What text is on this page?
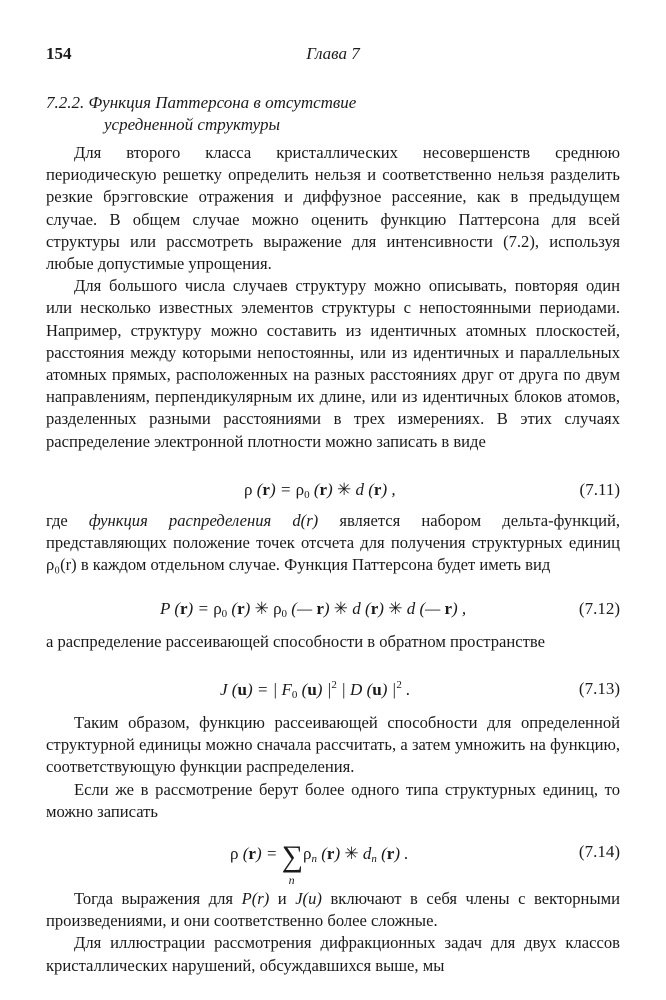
154	Глава 7
7.2.2. Функция Паттерсона в отсутствие
усредненной структуры

Для второго класса кристаллических несовершенств среднюю периодическую решетку определить нельзя и соответственно нельзя разделить резкие брэгговские отражения и диффузное рассеяние, как в предыдущем случае. В общем случае можно оценить функцию Паттерсона для всей структуры или рассмотреть выражение для интенсивности (7.2), используя любые допустимые упрощения.

Для большого числа случаев структуру можно описывать, повторяя один или несколько известных элементов структуры с непостоянными периодами. Например, структуру можно составить из идентичных атомных плоскостей, расстояния между которыми непостоянны, или из идентичных и параллельных атомных прямых, расположенных на разных расстояниях друг от друга по двум направлениям, перпендикулярным их длине, или из идентичных блоков атомов, разделенных разными расстояниями в трех измерениях. В этих случаях распределение электронной плотности можно записать в виде

ρ $(r) = \rho_0$ (r) ✳ d (r) ,	(7.11)

где функция распределения d(r) является набором дельта-функций, представляющих положение точек отсчета для получения структурных единиц ρ₀(r) в каждом отдельном случае. Функция Паттерсона будет иметь вид

P $(r) = \rho_0$ (r) ✳ $\rho_0$ (— r) ✳ d (r) ✳ d (— r) ,	(7.12)

а распределение рассеивающей способности в обратном пространстве

J (u) = | $F_0$ (u) $|^2$ | D (u) $|^2$ .	(7.13)

Таким образом, функцию рассеивающей способности для определенной структурной единицы можно сначала рассчитать, а затем умножить на функцию, соответствующую функции распределения.

Если же в рассмотрение берут более одного типа структурных единиц, то можно записать

ρ (r) = ∑
n
$\rho_n$ (r) ✳ $d_n$ (r) .	(7.14)

Тогда выражения для P(r) и J(u) включают в себя члены с векторными произведениями, и они соответственно более сложные.

Для иллюстрации рассмотрения дифракционных задач для двух классов кристаллических нарушений, обсуждавшихся выше, мы
